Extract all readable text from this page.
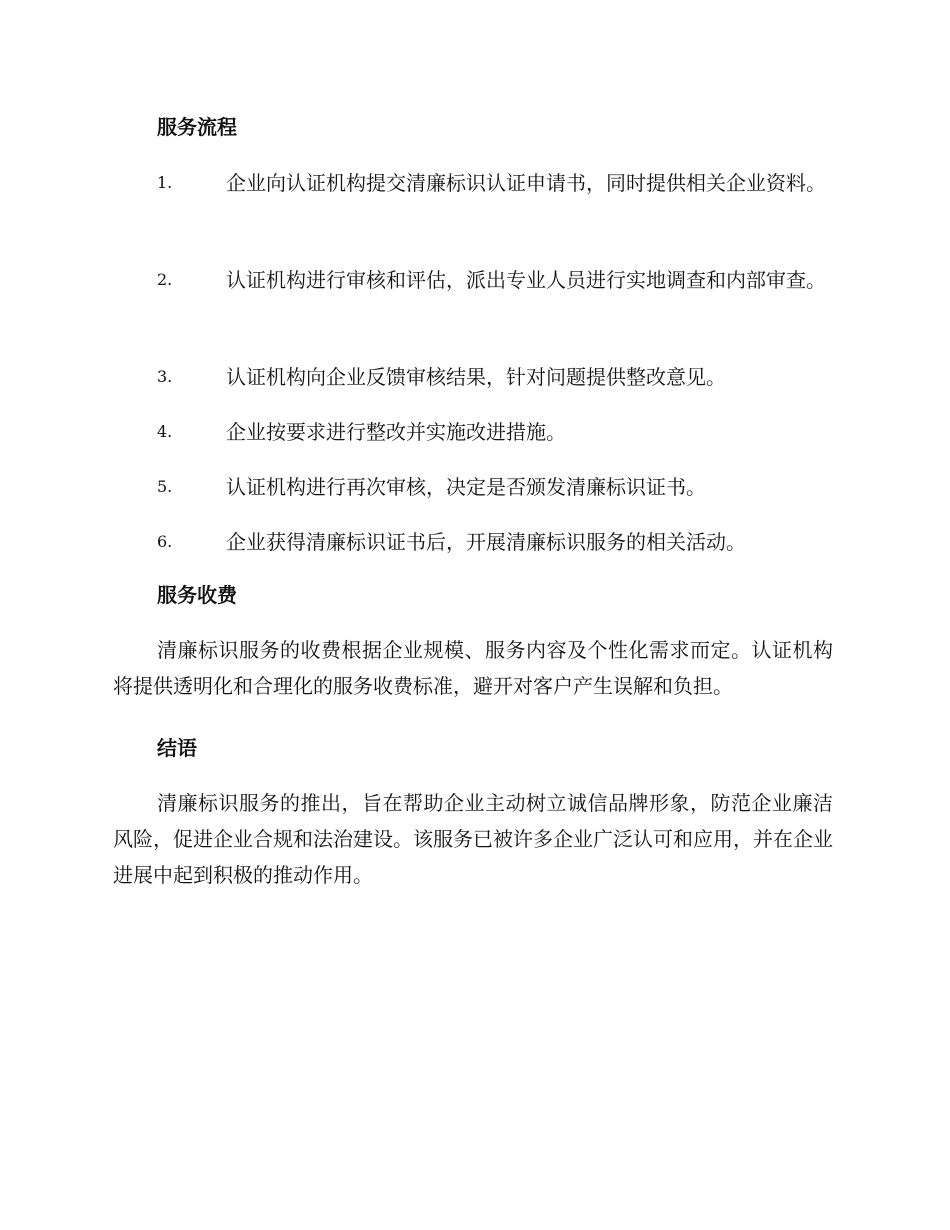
服务流程
1.	企业向认证机构提交清廉标识认证申请书，同时提供相关企业资料。
2.	认证机构进行审核和评估，派出专业人员进行实地调查和内部审查。
3.	认证机构向企业反馈审核结果，针对问题提供整改意见。
4.	企业按要求进行整改并实施改进措施。
5.	认证机构进行再次审核，决定是否颁发清廉标识证书。
6.	企业获得清廉标识证书后，开展清廉标识服务的相关活动。
服务收费
清廉标识服务的收费根据企业规模、服务内容及个性化需求而定。认证机构将提供透明化和合理化的服务收费标准，避开对客户产生误解和负担。
结语
清廉标识服务的推出，旨在帮助企业主动树立诚信品牌形象，防范企业廉洁风险，促进企业合规和法治建设。该服务已被许多企业广泛认可和应用，并在企业进展中起到积极的推动作用。
